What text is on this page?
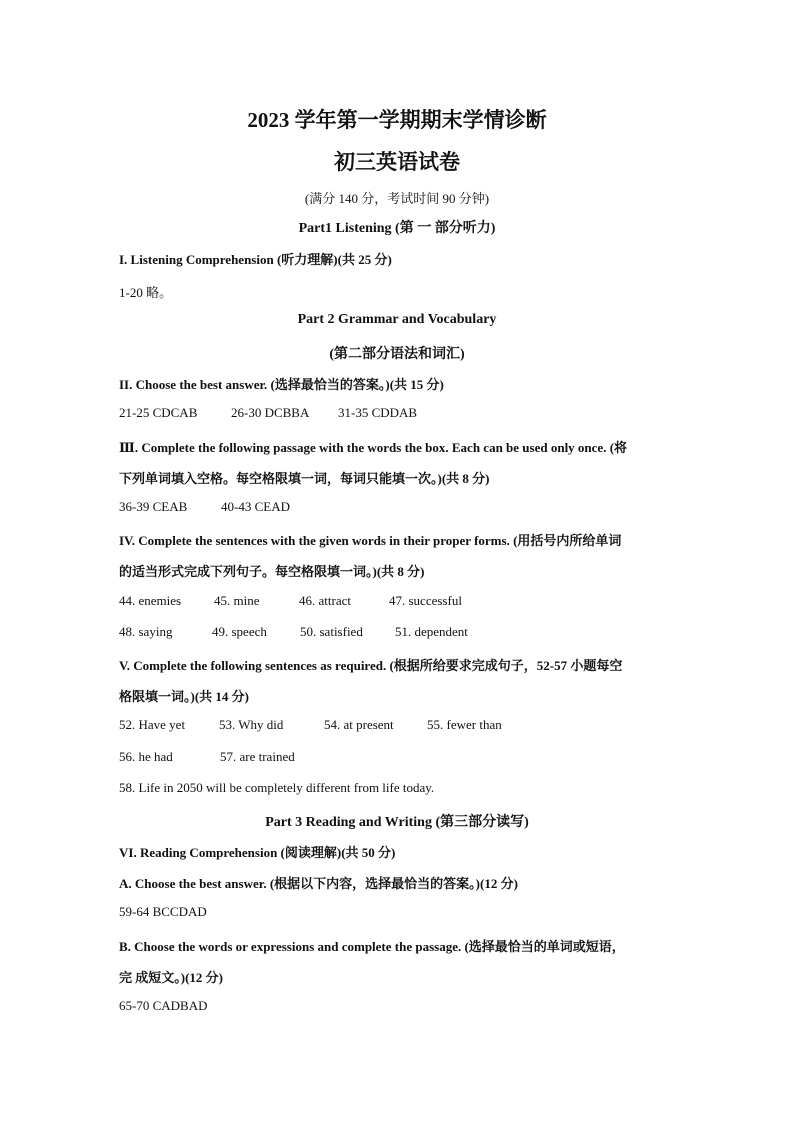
2023 学年第一学期期末学情诊断
初三英语试卷
(满分 140 分，考试时间 90 分钟)
Part1 Listening (第 一 部分听力)
I. Listening Comprehension (听力理解)(共 25 分)
1-20 略。
Part 2 Grammar and Vocabulary
(第二部分语法和词汇)
II. Choose the best answer. (选择最恰当的答案。)(共 15 分)
21-25 CDCAB	26-30 DCBBA 31-35 CDDAB
Ⅲ. Complete the following passage with the words the box. Each can be used only once. (将
下列单词填入空格。每空格限填一词，每词只能填一次。)(共 8 分)
36-39 CEAB	40-43 CEAD
IV. Complete the sentences with the given words in their proper forms. (用括号内所给单词
的适当形式完成下列句子。每空格限填一词。)(共 8 分)
44. enemies	45. mine	46. attract	47. successful
48. saying	49. speech	50. satisfied 51. dependent
V. Complete the following sentences as required. (根据所给要求完成句子，52-57 小题每空
格限填一词。)(共 14 分)
52. Have yet	53. Why did	54. at present	55. fewer than
56. he had	57. are trained
58. Life in 2050 will be completely different from life today.
Part 3 Reading and Writing (第三部分读写)
VI. Reading Comprehension (阅读理解)(共 50 分)
A. Choose the best answer. (根据以下内容，选择最恰当的答案。)(12 分)
59-64 BCCDAD
B. Choose the words or expressions and complete the passage. (选择最恰当的单词或短语，
完 成短文。)(12 分)
65-70 CADBAD
